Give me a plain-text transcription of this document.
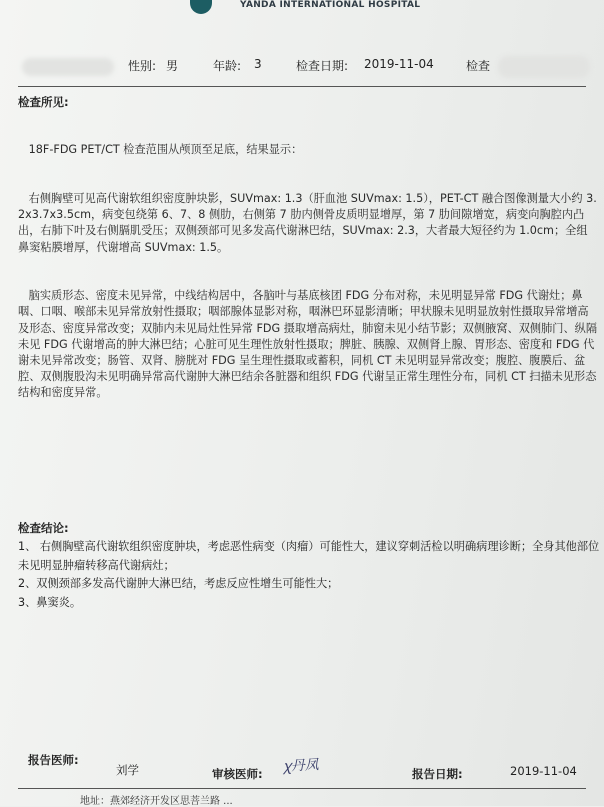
YANDA INTERNATIONAL HOSPITAL
性别: 男	年龄: 3	检查日期: 2019-11-04	检查
检查所见:

18F-FDG PET/CT 检查范围从颅顶至足底，结果显示：

右侧胸壁可见高代谢软组织密度肿块影，SUVmax: 1.3（肝血池 SUVmax: 1.5），PET-CT 融合图像测量大小约 3.2x3.7x3.5cm，病变包绕第 6、7、8 侧肋，右侧第 7 肋内侧骨皮质明显增厚，第 7 肋间隙增宽，病变向胸腔内凸出，右肺下叶及右侧膈肌受压；双侧颈部可见多发高代谢淋巴结，SUVmax: 2.3，大者最大短径约为 1.0cm；全组鼻窦粘膜增厚，代谢增高 SUVmax: 1.5。

脑实质形态、密度未见异常，中线结构居中，各脑叶与基底核团 FDG 分布对称，未见明显异常 FDG 代谢灶；鼻咽、口咽、喉部未见异常放射性摄取；咽部腺体显影对称，咽淋巴环显影清晰；甲状腺未见明显放射性摄取异常增高及形态、密度异常改变；双肺内未见局灶性异常 FDG 摄取增高病灶，肺窗未见小结节影；双侧腋窝、双侧肺门、纵隔未见 FDG 代谢增高的肿大淋巴结；心脏可见生理性放射性摄取；脾脏、胰腺、双侧肾上腺、胃形态、密度和 FDG 代谢未见异常改变；肠管、双肾、膀胱对 FDG 呈生理性摄取或蓄积，同机 CT 未见明显异常改变；腹腔、腹膜后、盆腔、双侧腹股沟未见明确异常高代谢肿大淋巴结余各脏器和组织 FDG 代谢呈正常生理性分布，同机 CT 扫描未见形态结构和密度异常。

检查结论:
1、 右侧胸壁高代谢软组织密度肿块，考虑恶性病变（肉瘤）可能性大，建议穿刺活检以明确病理诊断；全身其他部位未见明显肿瘤转移高代谢病灶；
2、双侧颈部多发高代谢肿大淋巴结，考虑反应性增生可能性大；
3、鼻窦炎。
报告医师:
刘学	审核医师: ꭓ丹凤	报告日期:	2019-11-04
地址：燕郊经济开发区思菩兰路 ...
